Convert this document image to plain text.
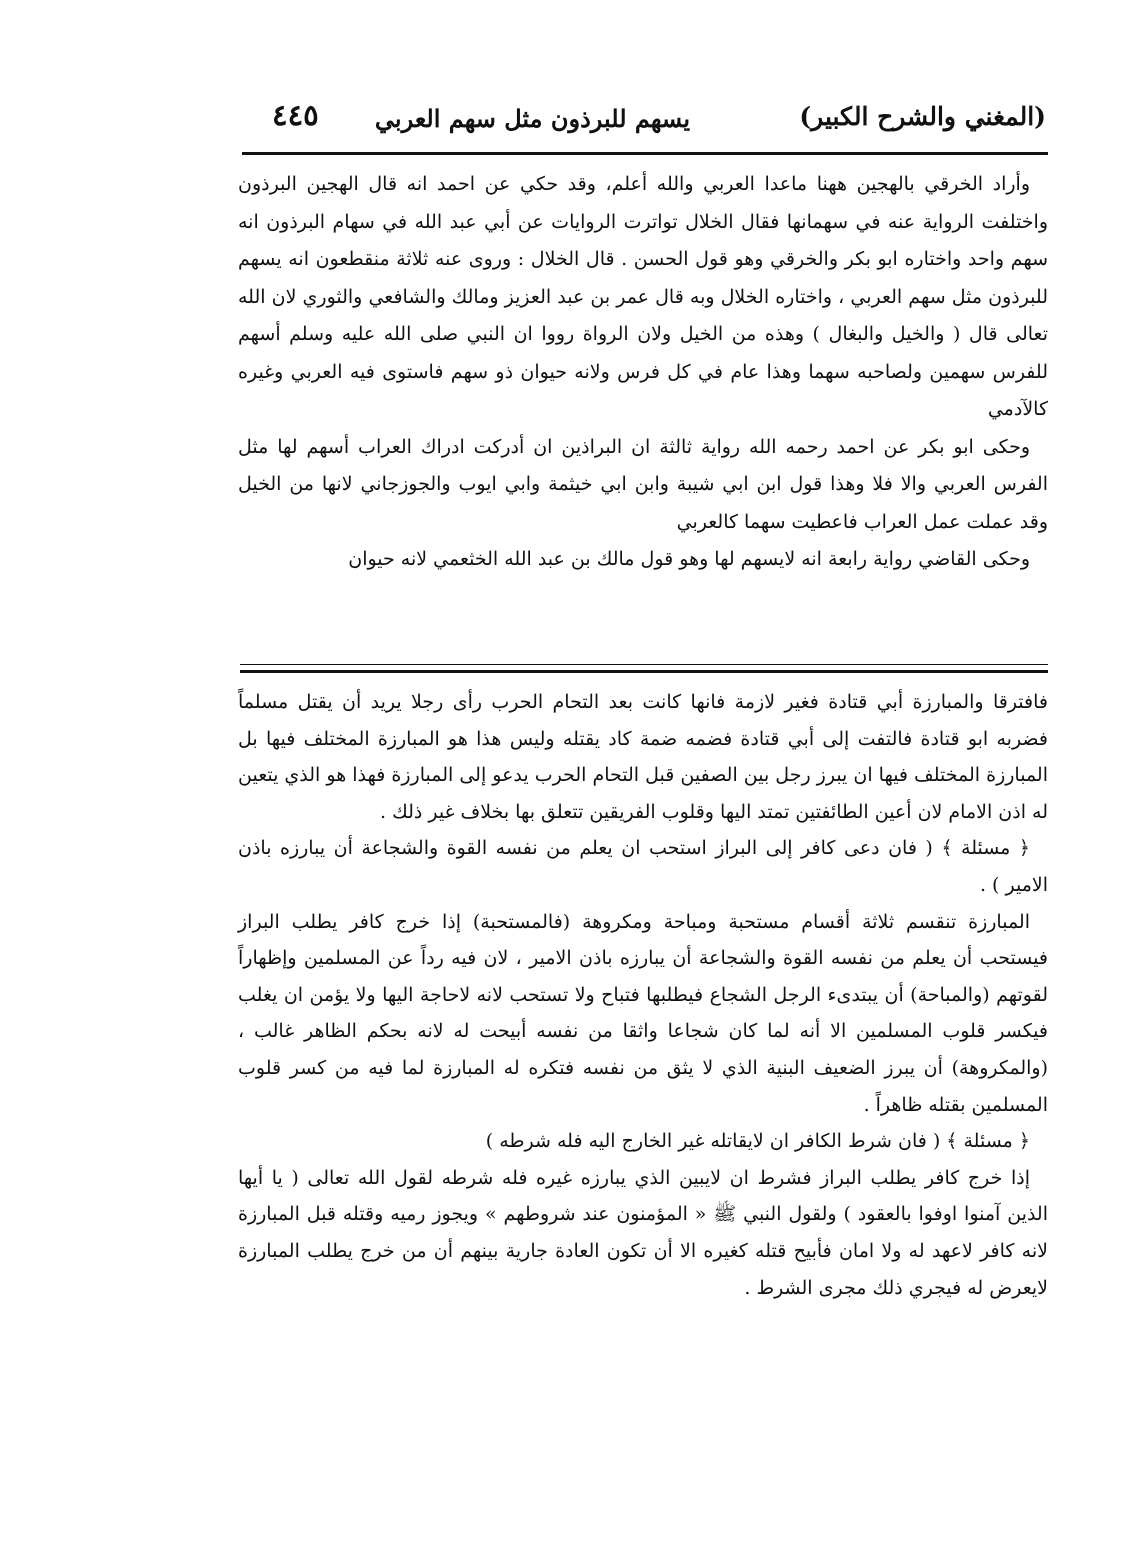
(المغني والشرح الكبير)
يسهم للبرذون مثل سهم العربي
٤٤٥

وأراد الخرقي بالهجين ههنا ماعدا العربي والله أعلم، وقد حكي عن احمد انه قال الهجين البرذون واختلفت الرواية عنه في سهمانها فقال الخلال تواترت الروايات عن أبي عبد الله في سهام البرذون انه سهم واحد واختاره ابو بكر والخرقي وهو قول الحسن . قال الخلال : وروى عنه ثلاثة منقطعون انه يسهم للبرذون مثل سهم العربي ، واختاره الخلال وبه قال عمر بن عبد العزيز ومالك والشافعي والثوري لان الله تعالى قال ( والخيل والبغال ) وهذه من الخيل ولان الرواة رووا ان النبي صلى الله عليه وسلم أسهم للفرس سهمين ولصاحبه سهما وهذا عام في كل فرس ولانه حيوان ذو سهم فاستوى فيه العربي وغيره كالآدمي

وحكى ابو بكر عن احمد رحمه الله رواية ثالثة ان البراذين ان أدركت ادراك العراب أسهم لها مثل الفرس العربي والا فلا وهذا قول ابن ابي شيبة وابن ابي خيثمة وابي ايوب والجوزجاني لانها من الخيل وقد عملت عمل العراب فاعطيت سهما كالعربي

وحكى القاضي رواية رابعة انه لايسهم لها وهو قول مالك بن عبد الله الخثعمي لانه حيوان

فافترقا والمبارزة أبي قتادة فغير لازمة فانها كانت بعد التحام الحرب رأى رجلا يريد أن يقتل مسلماً فضربه ابو قتادة فالتفت إلى أبي قتادة فضمه ضمة كاد يقتله وليس هذا هو المبارزة المختلف فيها بل المبارزة المختلف فيها ان يبرز رجل بين الصفين قبل التحام الحرب يدعو إلى المبارزة فهذا هو الذي يتعين له اذن الامام لان أعين الطائفتين تمتد اليها وقلوب الفريقين تتعلق بها بخلاف غير ذلك .

﴿ مسئلة ﴾ ( فان دعى كافر إلى البراز استحب ان يعلم من نفسه القوة والشجاعة أن يبارزه باذن الامير ) .

المبارزة تنقسم ثلاثة أقسام مستحبة ومباحة ومكروهة (فالمستحبة) إذا خرج كافر يطلب البراز فيستحب أن يعلم من نفسه القوة والشجاعة أن يبارزه باذن الامير ، لان فيه رداً عن المسلمين وإظهاراً لقوتهم (والمباحة) أن يبتدىء الرجل الشجاع فيطلبها فتباح ولا تستحب لانه لاحاجة اليها ولا يؤمن ان يغلب فيكسر قلوب المسلمين الا أنه لما كان شجاعا واثقا من نفسه أبيحت له لانه بحكم الظاهر غالب ، (والمكروهة) أن يبرز الضعيف البنية الذي لا يثق من نفسه فتكره له المبارزة لما فيه من كسر قلوب المسلمين بقتله ظاهراً .

﴿ مسئلة ﴾ ( فان شرط الكافر ان لايقاتله غير الخارج اليه فله شرطه )

إذا خرج كافر يطلب البراز فشرط ان لايبين الذي يبارزه غيره فله شرطه لقول الله تعالى ( يا أيها الذين آمنوا اوفوا بالعقود ) ولقول النبي ﷺ « المؤمنون عند شروطهم » ويجوز رميه وقتله قبل المبارزة لانه كافر لاعهد له ولا امان فأبيح قتله كغيره الا أن تكون العادة جارية بينهم أن من خرج يطلب المبارزة لايعرض له فيجري ذلك مجرى الشرط .
